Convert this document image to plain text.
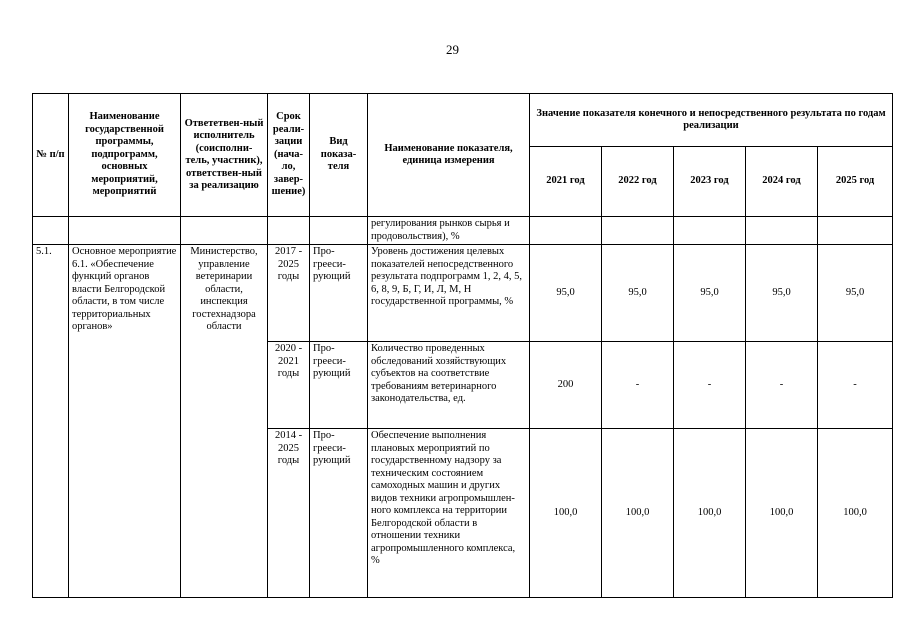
29
№ п/п	Наименование государственной программы, подпрограмм, основных мероприятий, мероприятий	Ответетвен-ный исполнитель (соисполни-тель, участник), ответствен-ный за реализацию	Срок реали-зации (нача-ло, завер-шение)	Вид показа-теля	Наименование показателя, единица измерения	Значение показателя конечного и непосредственного результата по годам реализации				
						2021 год	2022 год	2023 год	2024 год	2025 год
					регулирования рынков сырья и продовольствия), %					
5.1.	Основное мероприятие 6.1. «Обеспечение функций органов власти Белгородской области, в том числе территориальных органов»	Министерство, управление ветеринарии области, инспекция гостехнадзора области	2017 - 2025 годы	Про-грееси-рующий	Уровень достижения целевых показателей непосредственного результата подпрограмм 1, 2, 4, 5, 6, 8, 9, Б, Г, И, Л, М, Н государственной программы, %	95,0	95,0	95,0	95,0	95,0
			2020 - 2021 годы	Про-грееси-рующий	Количество проведенных обследований хозяйствующих субъектов на соответствие требованиям ветеринарного законодательства, ед.	200	-	-	-	-
			2014 - 2025 годы	Про-грееси-рующий	Обеспечение выполнения плановых мероприятий по государственному надзору за техническим состоянием самоходных машин и других видов техники агропромышлен-ного комплекса на территории Белгородской области в отношении техники агропромышленного комплекса, %	100,0	100,0	100,0	100,0	100,0
